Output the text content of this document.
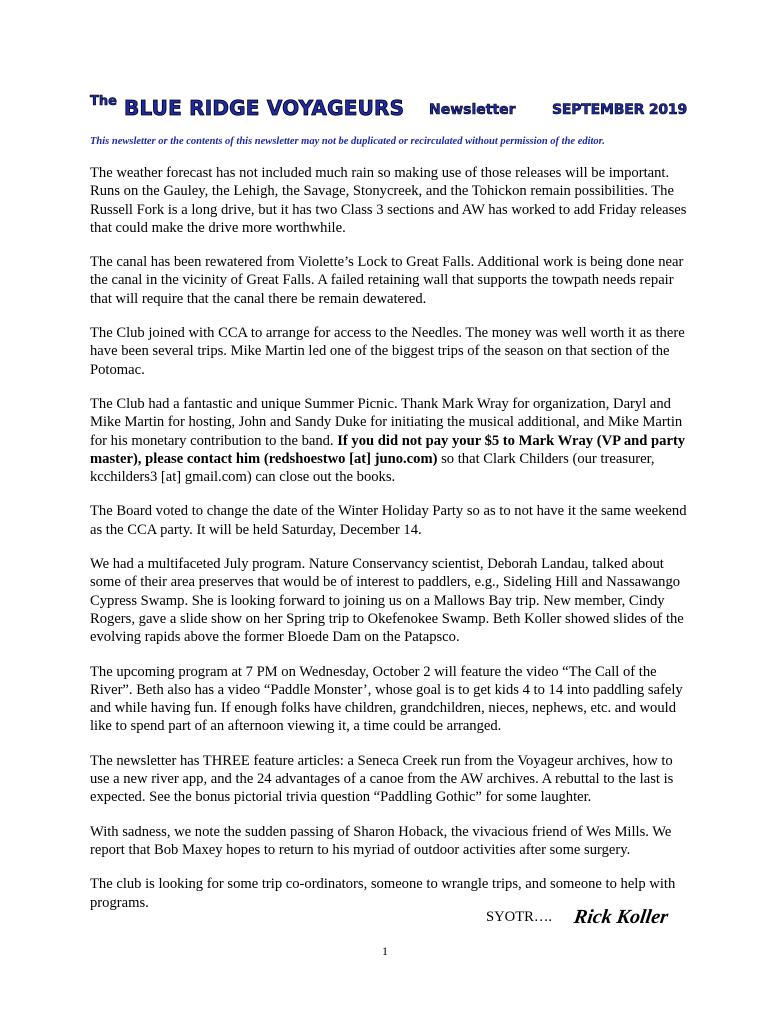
The BLUE RIDGE VOYAGEURS Newsletter	SEPTEMBER 2019
This newsletter or the contents of this newsletter may not be duplicated or recirculated without permission of the editor.

The weather forecast has not included much rain so making use of those releases will be important. Runs on the Gauley, the Lehigh, the Savage, Stonycreek, and the Tohickon remain possibilities. The Russell Fork is a long drive, but it has two Class 3 sections and AW has worked to add Friday releases that could make the drive more worthwhile.

The canal has been rewatered from Violette’s Lock to Great Falls. Additional work is being done near the canal in the vicinity of Great Falls. A failed retaining wall that supports the towpath needs repair that will require that the canal there be remain dewatered.

The Club joined with CCA to arrange for access to the Needles. The money was well worth it as there have been several trips. Mike Martin led one of the biggest trips of the season on that section of the Potomac.

The Club had a fantastic and unique Summer Picnic. Thank Mark Wray for organization, Daryl and Mike Martin for hosting, John and Sandy Duke for initiating the musical additional, and Mike Martin for his monetary contribution to the band. If you did not pay your $5 to Mark Wray (VP and party master), please contact him (redshoestwo [at] juno.com) so that Clark Childers (our treasurer, kcchilders3 [at] gmail.com) can close out the books.

The Board voted to change the date of the Winter Holiday Party so as to not have it the same weekend as the CCA party. It will be held Saturday, December 14.

We had a multifaceted July program. Nature Conservancy scientist, Deborah Landau, talked about some of their area preserves that would be of interest to paddlers, e.g., Sideling Hill and Nassawango Cypress Swamp. She is looking forward to joining us on a Mallows Bay trip. New member, Cindy Rogers, gave a slide show on her Spring trip to Okefenokee Swamp. Beth Koller showed slides of the evolving rapids above the former Bloede Dam on the Patapsco.

The upcoming program at 7 PM on Wednesday, October 2 will feature the video “The Call of the River”. Beth also has a video “Paddle Monster’, whose goal is to get kids 4 to 14 into paddling safely and while having fun. If enough folks have children, grandchildren, nieces, nephews, etc. and would like to spend part of an afternoon viewing it, a time could be arranged.

The newsletter has THREE feature articles: a Seneca Creek run from the Voyageur archives, how to use a new river app, and the 24 advantages of a canoe from the AW archives. A rebuttal to the last is expected. See the bonus pictorial trivia question “Paddling Gothic” for some laughter.

With sadness, we note the sudden passing of Sharon Hoback, the vivacious friend of Wes Mills. We report that Bob Maxey hopes to return to his myriad of outdoor activities after some surgery.

The club is looking for some trip co-ordinators, someone to wrangle trips, and someone to help with programs.

SYOTR…. Rick Koller
1
